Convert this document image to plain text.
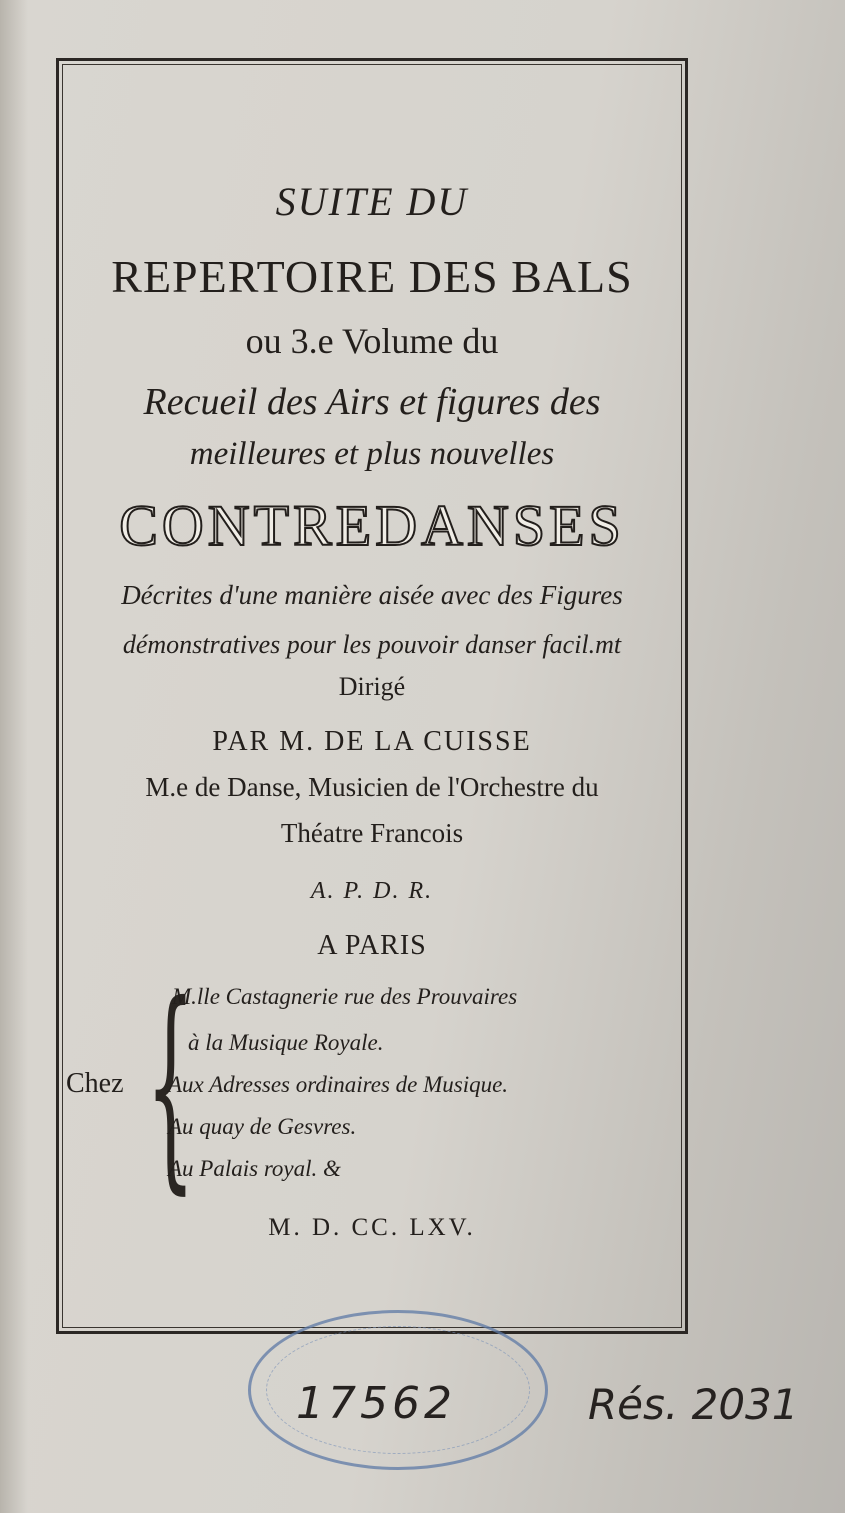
SUITE DU
REPERTOIRE DES BALS
ou 3.e Volume du
Recueil des Airs et figures des
meilleures et plus nouvelles
CONTREDANSES
Décrites d'une manière aisée avec des Figures
démonstratives pour les pouvoir danser facil.mt
Dirigé
PAR M. DE LA CUISSE
M.e de Danse, Musicien de l'Orchestre du
Théatre Francois
A. P. D. R.
A PARIS
Chez {
M.lle Castagnerie rue des Prouvaires
à la Musique Royale.
Aux Adresses ordinaires de Musique.
Au quay de Gesvres.
Au Palais royal. &
M. D. CC. LXV.
17562	Rés. 2031
